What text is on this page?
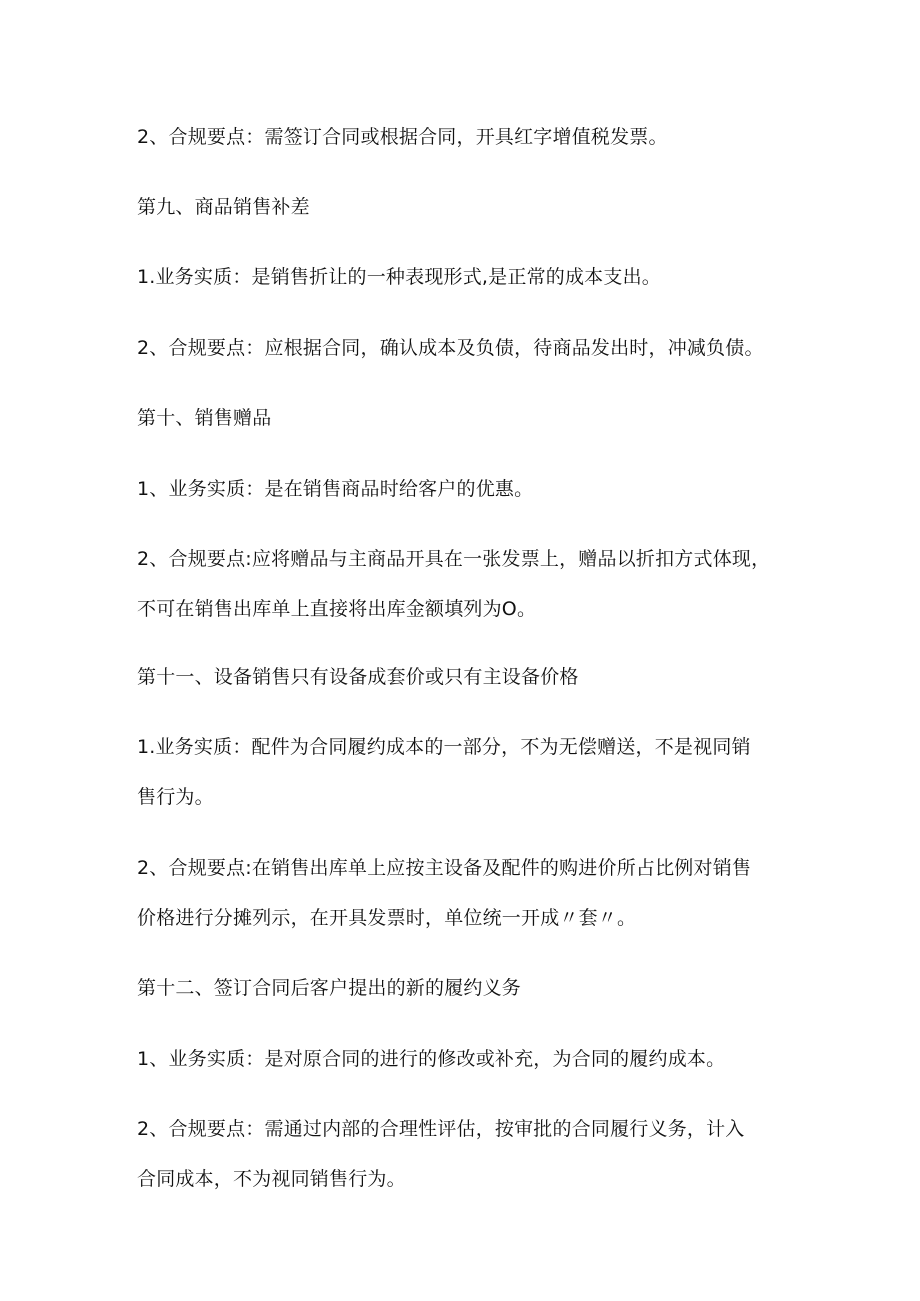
2、合规要点：需签订合同或根据合同，开具红字增值税发票。
第九、商品销售补差
1.业务实质：是销售折让的一种表现形式,是正常的成本支出。
2、合规要点：应根据合同，确认成本及负债，待商品发出时，冲减负债。
第十、销售赠品
1、业务实质：是在销售商品时给客户的优惠。
2、合规要点:应将赠品与主商品开具在一张发票上，赠品以折扣方式体现，
不可在销售出库单上直接将出库金额填列为O。
第十一、设备销售只有设备成套价或只有主设备价格
1.业务实质：配件为合同履约成本的一部分，不为无偿赠送，不是视同销
售行为。
2、合规要点:在销售出库单上应按主设备及配件的购进价所占比例对销售
价格进行分摊列示，在开具发票时，单位统一开成〃套〃。
第十二、签订合同后客户提出的新的履约义务
1、业务实质：是对原合同的进行的修改或补充，为合同的履约成本。
2、合规要点：需通过内部的合理性评估，按审批的合同履行义务，计入
合同成本，不为视同销售行为。
